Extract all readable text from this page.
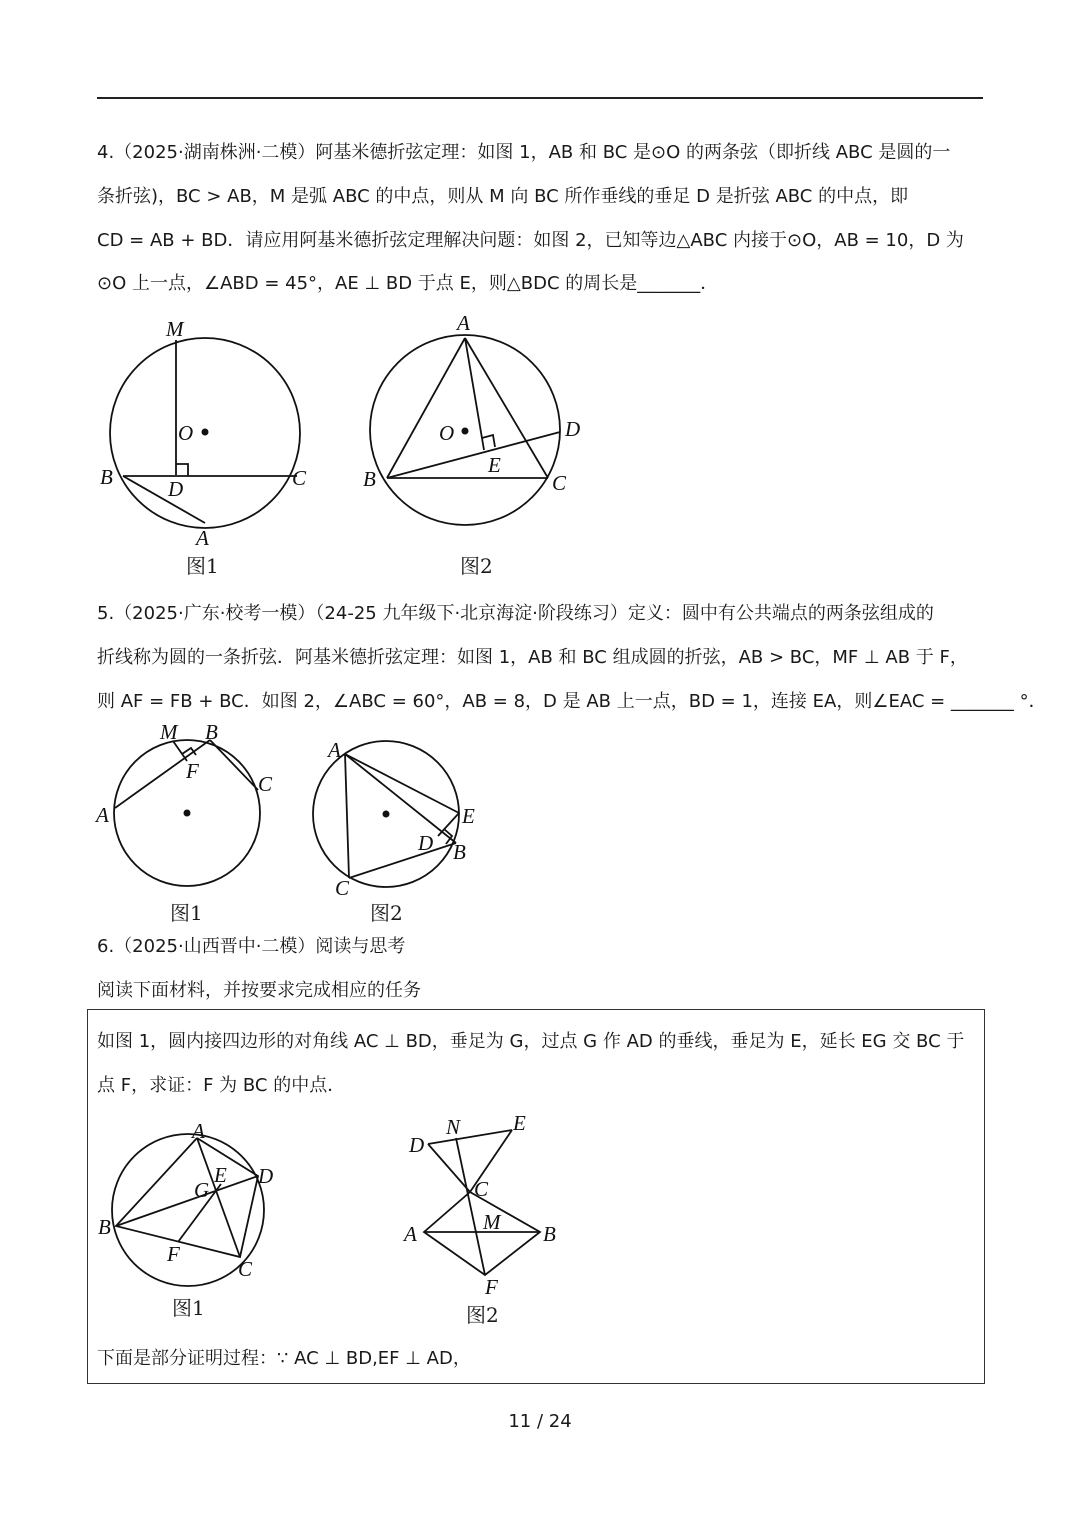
4.（2025·湖南株洲·二模）阿基米德折弦定理：如图 1，AB 和 BC 是⊙O 的两条弦（即折线 ABC 是圆的一
条折弦)，BC > AB，M 是弧 ABC 的中点，则从 M 向 BC 所作垂线的垂足 D 是折弦 ABC 的中点，即
CD = AB + BD．请应用阿基米德折弦定理解决问题：如图 2，已知等边△ABC 内接于⊙O，AB = 10，D 为
⊙O 上一点，∠ABD = 45°，AE ⊥ BD 于点 E，则△BDC 的周长是_______．
M
O
B	D	C
A
图1
A
O	D
E
B	C
图2
5.（2025·广东·校考一模）（24-25 九年级下·北京海淀·阶段练习）定义：圆中有公共端点的两条弦组成的
折线称为圆的一条折弦．阿基米德折弦定理：如图 1，AB 和 BC 组成圆的折弦，AB > BC，MF ⊥ AB 于 F，
则 AF = FB + BC．如图 2，∠ABC = 60°，AB = 8，D 是 AB 上一点，BD = 1，连接 EA，则∠EAC = _______ °．
M B
F
C
A
图1
A
E
D B
C
图2
6.（2025·山西晋中·二模）阅读与思考
阅读下面材料，并按要求完成相应的任务
如图 1，圆内接四边形的对角线 AC ⊥ BD，垂足为 G，过点 G 作 AD 的垂线，垂足为 E，延长 EG 交 BC 于
点 F，求证：F 为 BC 的中点．
A
E D
G
B
F
C
图1
N	E
D
C
M
A	B
F
图2
下面是部分证明过程：∵ AC ⊥ BD,EF ⊥ AD，
11 / 24
